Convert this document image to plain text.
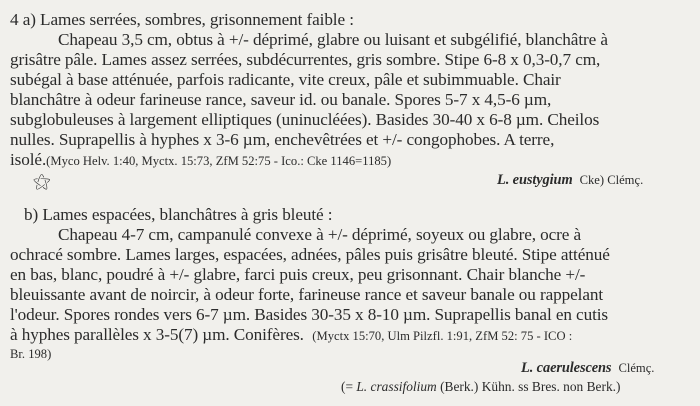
4 a) Lames serrées, sombres, grisonnement faible :
Chapeau 3,5 cm, obtus à +/- déprimé, glabre ou luisant et subgélifié, blanchâtre à
grisâtre pâle. Lames assez serrées, subdécurrentes, gris sombre. Stipe 6-8 x 0,3-0,7 cm,
subégal à base atténuée, parfois radicante, vite creux, pâle et subimmuable. Chair
blanchâtre à odeur farineuse rance, saveur id. ou banale. Spores 5-7 x 4,5-6 µm,
subglobuleuses à largement elliptiques (uninucléées). Basides 30-40 x 6-8 µm. Cheilos
nulles. Suprapellis à hyphes x 3-6 µm, enchevêtrées et +/- congophobes. A terre,
isolé.(Myco Helv. 1:40, Myctx. 15:73, ZfM 52:75 - Ico.: Cke 1146=1185)
⚝	L. eustygium Cke) Clémç.
b) Lames espacées, blanchâtres à gris bleuté :
Chapeau 4-7 cm, campanulé convexe à +/- déprimé, soyeux ou glabre, ocre à
ochracé sombre. Lames larges, espacées, adnées, pâles puis grisâtre bleuté. Stipe atténué
en bas, blanc, poudré à +/- glabre, farci puis creux, peu grisonnant. Chair blanche +/-
bleuissante avant de noircir, à odeur forte, farineuse rance et saveur banale ou rappelant
l'odeur. Spores rondes vers 6-7 µm. Basides 30-35 x 8-10 µm. Suprapellis banal en cutis
à hyphes parallèles x 3-5(7) µm. Conifères. (Myctx 15:70, Ulm Pilzfl. 1:91, ZfM 52: 75 - ICO :
Br. 198)
L. caerulescens Clémç.
(= L. crassifolium (Berk.) Kühn. ss Bres. non Berk.)
